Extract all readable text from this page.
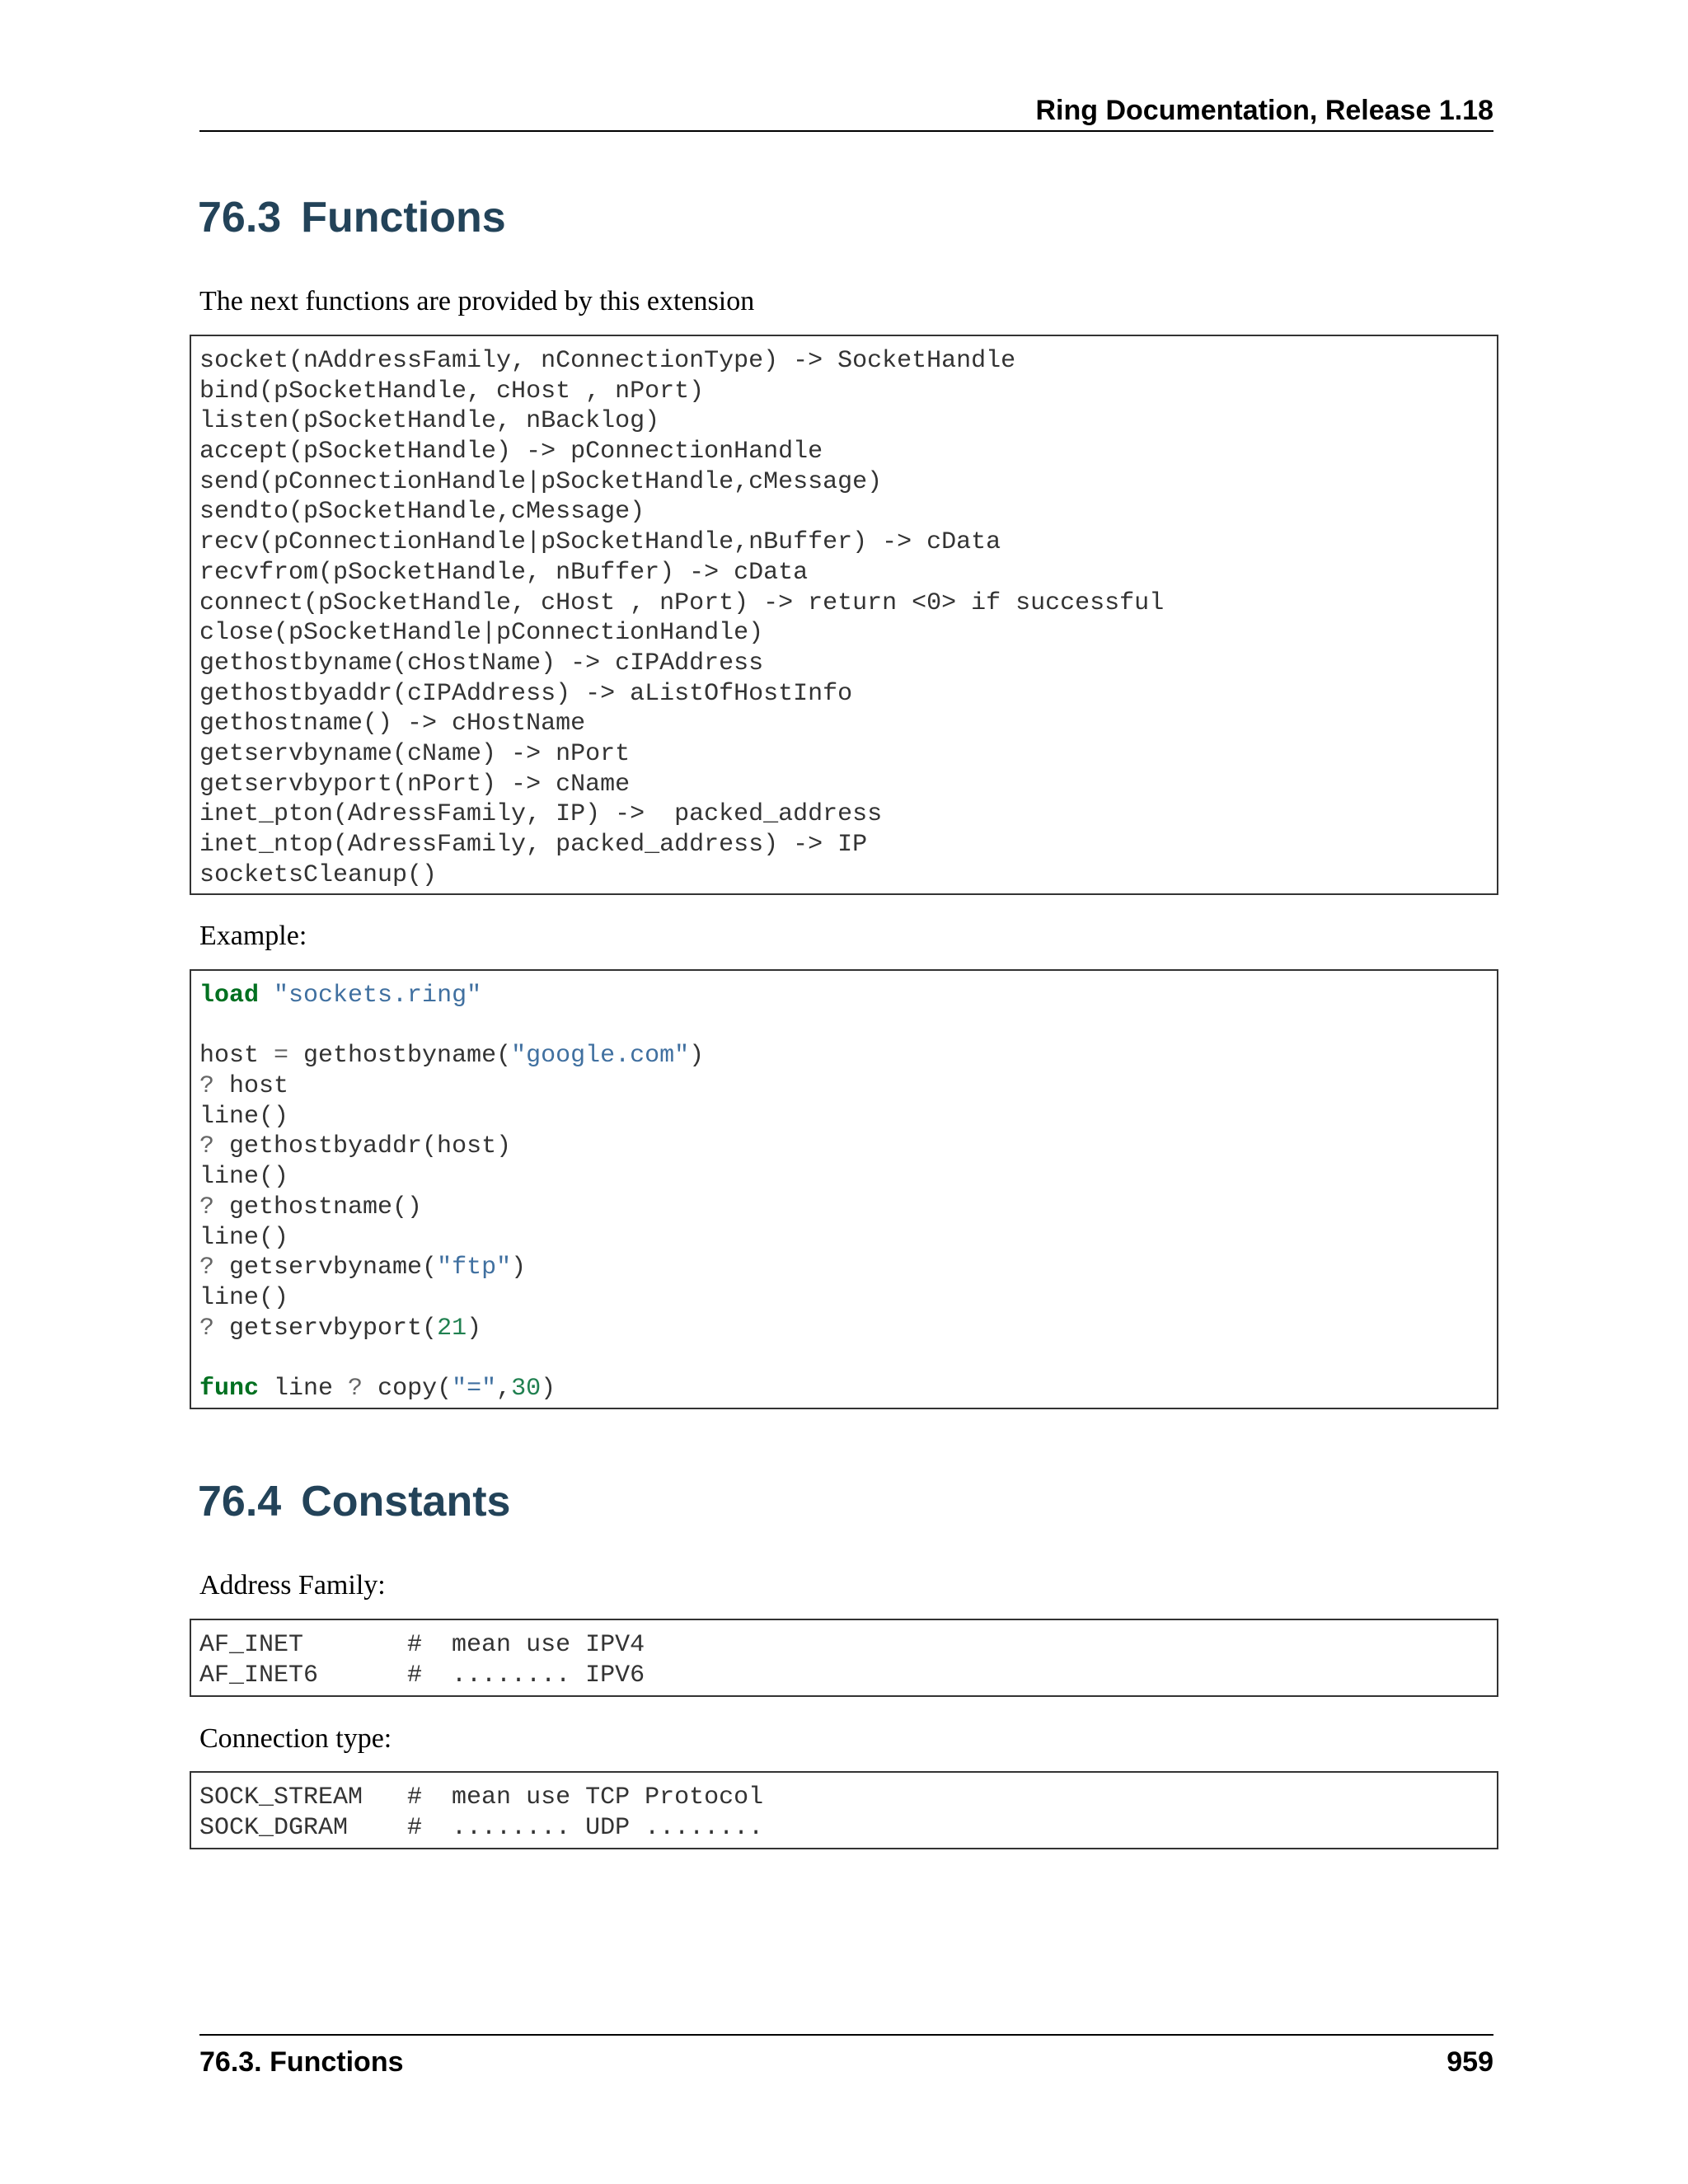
Ring Documentation, Release 1.18
76.3 Functions

The next functions are provided by this extension

socket(nAddressFamily, nConnectionType) -> SocketHandle
bind(pSocketHandle, cHost , nPort)
listen(pSocketHandle, nBacklog)
accept(pSocketHandle) -> pConnectionHandle
send(pConnectionHandle|pSocketHandle,cMessage)
sendto(pSocketHandle,cMessage)
recv(pConnectionHandle|pSocketHandle,nBuffer) -> cData
recvfrom(pSocketHandle, nBuffer) -> cData
connect(pSocketHandle, cHost , nPort) -> return <0> if successful
close(pSocketHandle|pConnectionHandle)
gethostbyname(cHostName) -> cIPAddress
gethostbyaddr(cIPAddress) -> aListOfHostInfo
gethostname() -> cHostName
getservbyname(cName) -> nPort
getservbyport(nPort) -> cName
inet_pton(AdressFamily, IP) ->  packed_address
inet_ntop(AdressFamily, packed_address) -> IP
socketsCleanup()

Example:

load "sockets.ring"
host = gethostbyname("google.com")
? host
line()
? gethostbyaddr(host)
line()
? gethostname()
line()
? getservbyname("ftp")
line()
? getservbyport(21)
func line ? copy("=",30)
76.4 Constants

Address Family:

AF_INET       #  mean use IPV4
AF_INET6      #  ........ IPV6

Connection type:

SOCK_STREAM   #  mean use TCP Protocol
SOCK_DGRAM    #  ........ UDP ........
76.3. Functions	959
